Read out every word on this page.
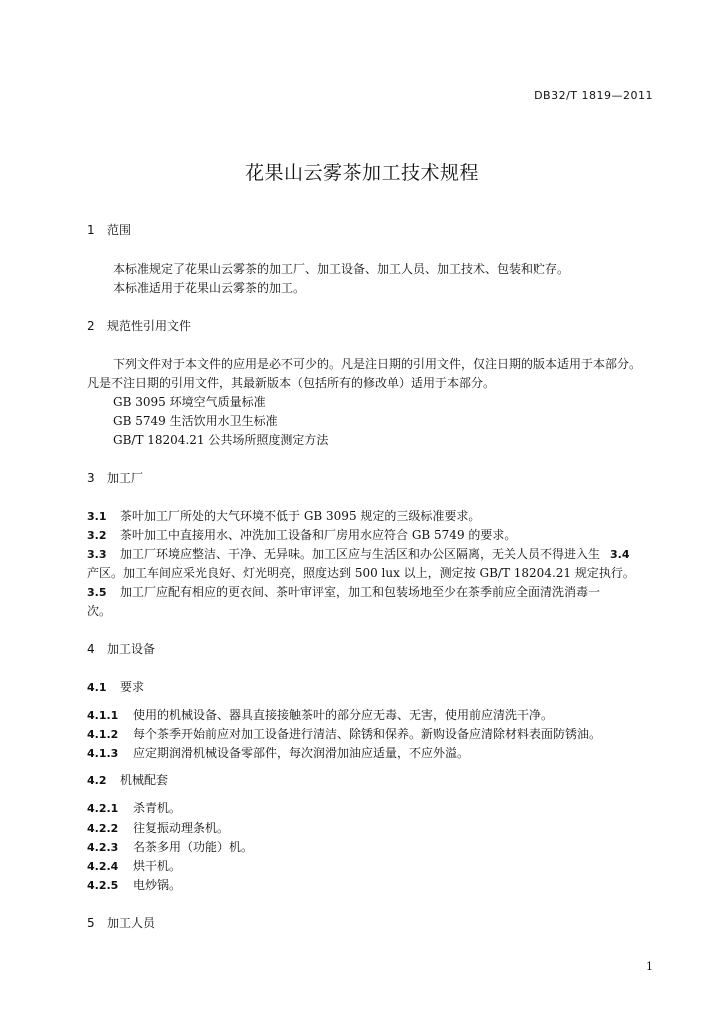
DB32/T 1819—2011
花果山云雾茶加工技术规程
1 范围
本标准规定了花果山云雾茶的加工厂、加工设备、加工人员、加工技术、包装和贮存。
本标准适用于花果山云雾茶的加工。
2 规范性引用文件
下列文件对于本文件的应用是必不可少的。凡是注日期的引用文件，仅注日期的版本适用于本部分。
凡是不注日期的引用文件，其最新版本（包括所有的修改单）适用于本部分。
GB 3095 环境空气质量标准
GB 5749 生活饮用水卫生标准
GB/T 18204.21 公共场所照度测定方法
3 加工厂
3.1 茶叶加工厂所处的大气环境不低于 GB 3095 规定的三级标准要求。
3.2 茶叶加工中直接用水、冲洗加工设备和厂房用水应符合 GB 5749 的要求。
3.3 加工厂环境应整洁、干净、无异味。加工区应与生活区和办公区隔离，无关人员不得进入生 3.4
产区。加工车间应采光良好、灯光明亮，照度达到 500 lux 以上，测定按 GB/T 18204.21 规定执行。
3.5 加工厂应配有相应的更衣间、茶叶审评室，加工和包装场地至少在茶季前应全面清洗消毒一
次。
4 加工设备
4.1 要求
4.1.1 使用的机械设备、器具直接接触茶叶的部分应无毒、无害，使用前应清洗干净。
4.1.2 每个茶季开始前应对加工设备进行清洁、除锈和保养。新购设备应清除材料表面防锈油。
4.1.3 应定期润滑机械设备零部件，每次润滑加油应适量，不应外溢。
4.2 机械配套
4.2.1 杀青机。
4.2.2 往复振动理条机。
4.2.3 名茶多用（功能）机。
4.2.4 烘干机。
4.2.5 电炒锅。
5 加工人员
1
